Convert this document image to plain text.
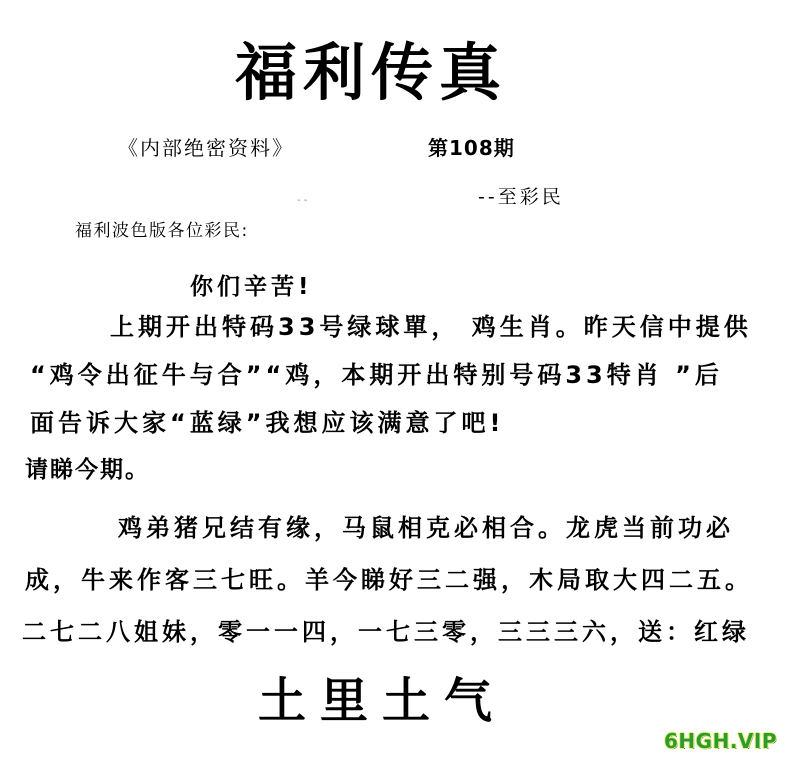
福利传真
《内部绝密资料》	第108期
- -	--至彩民
福利波色版各位彩民:
你们辛苦!
上期开出特码33号绿球單， 鸡生肖。昨天信中提供
“鸡令出征牛与合”“鸡，本期开出特别号码33特肖 ”后
面告诉大家“蓝绿”我想应该满意了吧!
请睇今期。
鸡弟猪兄结有缘，马鼠相克必相合。龙虎当前功必
成，牛来作客三七旺。羊今睇好三二强，木局取大四二五。
二七二八姐妹，零一一四，一七三零，三三三六，送：红绿
土里土气
6HGH.VIP
